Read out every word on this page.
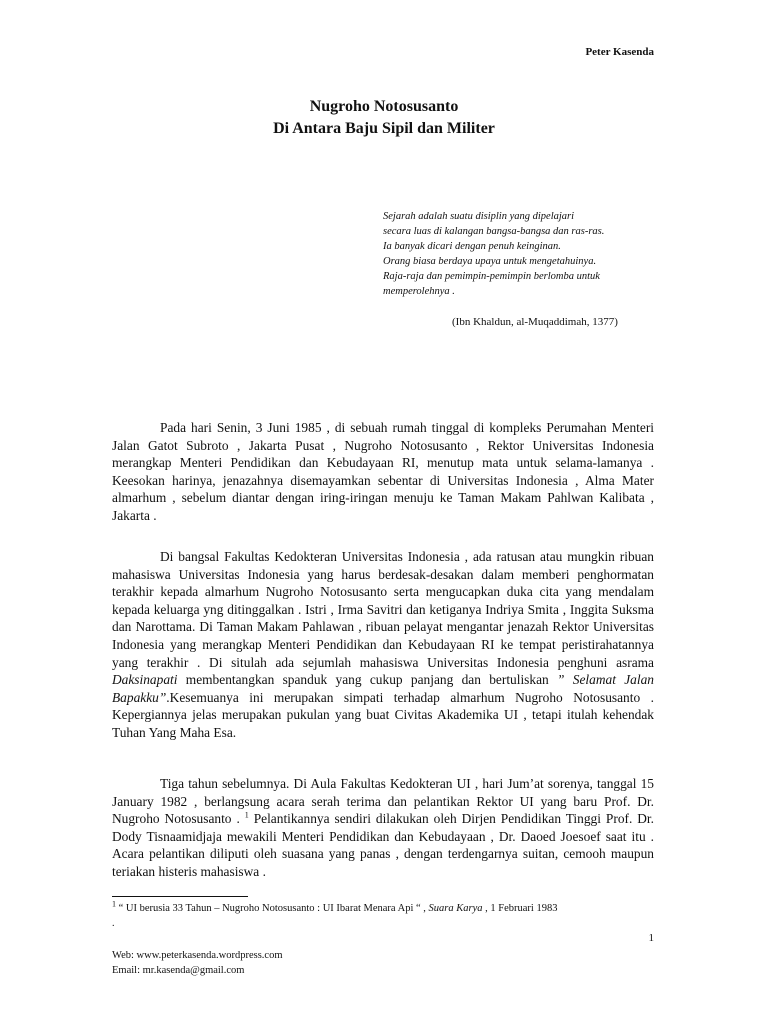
Peter Kasenda
Nugroho Notosusanto
Di Antara Baju Sipil dan Militer
Sejarah adalah suatu disiplin yang dipelajari
secara luas di kalangan bangsa-bangsa dan ras-ras.
Ia banyak dicari dengan penuh keinginan.
Orang biasa berdaya upaya untuk mengetahuinya.
Raja-raja dan pemimpin-pemimpin berlomba untuk
memperolehnya .
(Ibn Khaldun, al-Muqaddimah, 1377)

Pada hari Senin, 3 Juni 1985 , di sebuah rumah tinggal di kompleks Perumahan Menteri Jalan Gatot Subroto , Jakarta Pusat , Nugroho Notosusanto , Rektor Universitas Indonesia merangkap Menteri Pendidikan dan Kebudayaan RI, menutup mata untuk selama-lamanya . Keesokan harinya, jenazahnya disemayamkan sebentar di Universitas Indonesia , Alma Mater almarhum , sebelum diantar dengan iring-iringan menuju ke Taman Makam Pahlwan Kalibata , Jakarta .

Di bangsal Fakultas Kedokteran Universitas Indonesia , ada ratusan atau mungkin ribuan mahasiswa Universitas Indonesia yang harus berdesak-desakan dalam memberi penghormatan terakhir kepada almarhum Nugroho Notosusanto serta mengucapkan duka cita yang mendalam kepada keluarga yng ditinggalkan . Istri , Irma Savitri dan ketiganya Indriya Smita , Inggita Suksma dan Narottama. Di Taman Makam Pahlawan , ribuan pelayat mengantar jenazah Rektor Universitas Indonesia yang merangkap Menteri Pendidikan dan Kebudayaan RI ke tempat peristirahatannya yang terakhir . Di situlah ada sejumlah mahasiswa Universitas Indonesia penghuni asrama Daksinapati membentangkan spanduk yang cukup panjang dan bertuliskan ” Selamat Jalan Bapakku”.Kesemuanya ini merupakan simpati terhadap almarhum Nugroho Notosusanto . Kepergiannya jelas merupakan pukulan yang buat Civitas Akademika UI , tetapi itulah kehendak Tuhan Yang Maha Esa.

Tiga tahun sebelumnya. Di Aula Fakultas Kedokteran UI , hari Jum’at sorenya, tanggal 15 January 1982 , berlangsung acara serah terima dan pelantikan Rektor UI yang baru Prof. Dr. Nugroho Notosusanto . $^1$ Pelantikannya sendiri dilakukan oleh Dirjen Pendidikan Tinggi Prof. Dr. Dody Tisnaamidjaja mewakili Menteri Pendidikan dan Kebudayaan , Dr. Daoed Joesoef saat itu . Acara pelantikan diliputi oleh suasana yang panas , dengan terdengarnya suitan, cemooh maupun teriakan histeris mahasiswa .

$^1$ “ UI berusia 33 Tahun – Nugroho Notosusanto : UI Ibarat Menara Api “ , Suara Karya , 1 Februari 1983
.
1
Web: www.peterkasenda.wordpress.com
Email: mr.kasenda@gmail.com
